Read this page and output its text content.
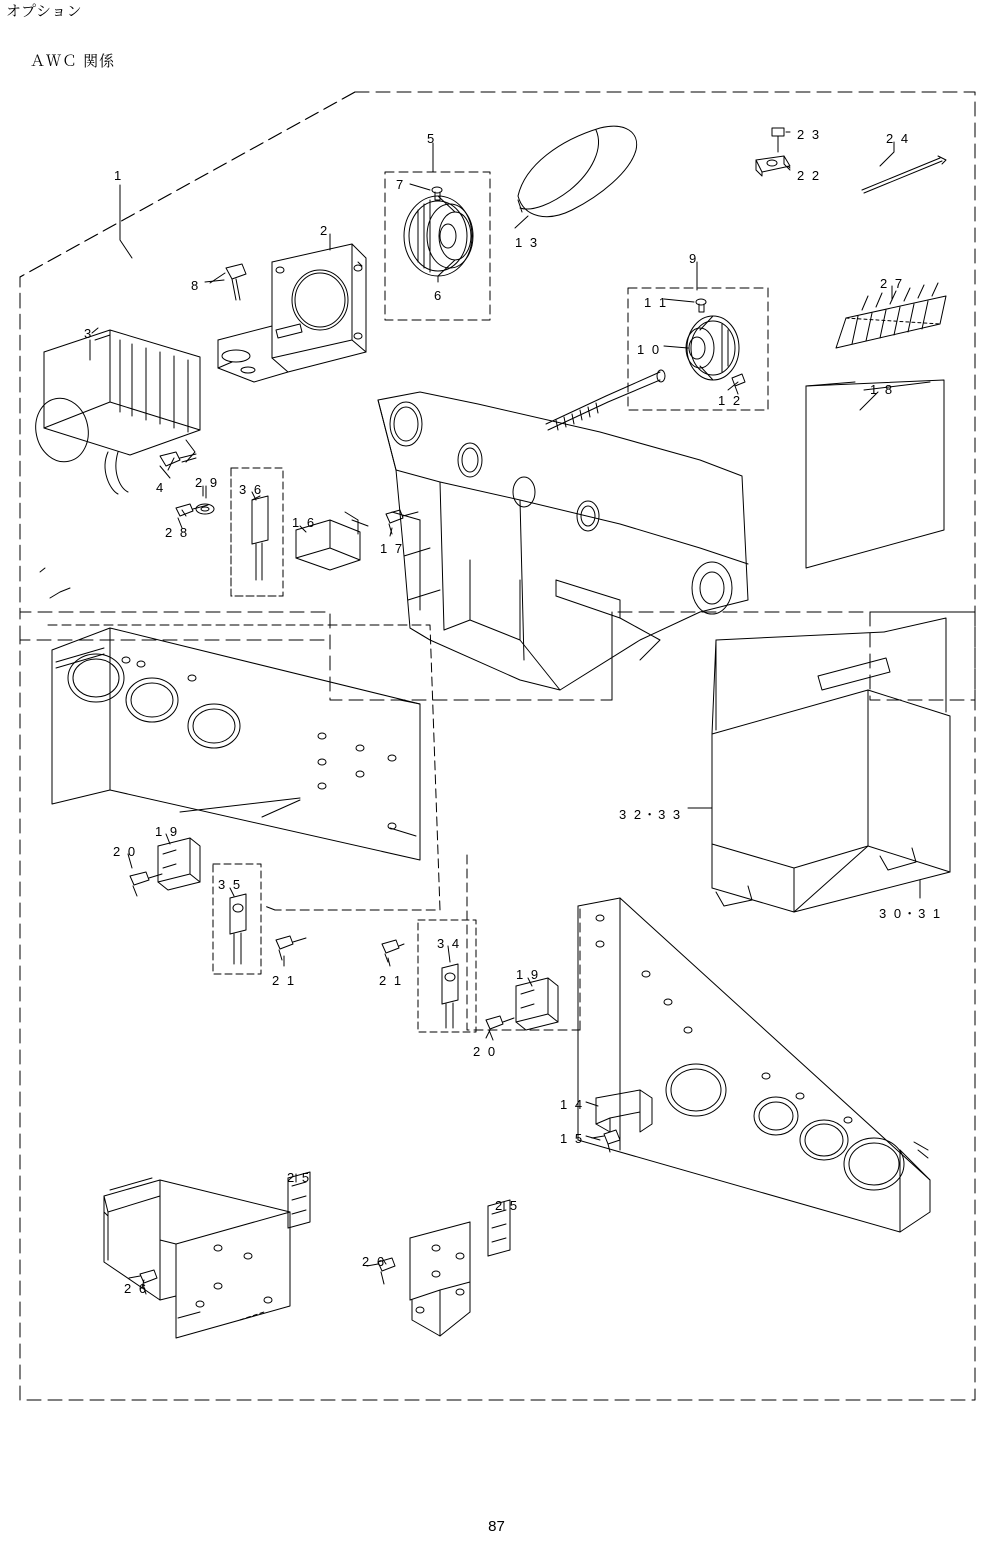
オプション
ＡＷＣ 関係
1
5
7
6
2
8
3
4
2 8
2 9 3 6
1 6
1 7
1 3
2 3
2 2
2 4
9
1 1
1 0
1 2
2 7
1 8
3 2・3 3
3 0・3 1
1 9
2 0
3 5
2 1	2 1
3 4
1 9
2 0
1 4
1 5
2 5
2 5
2 6
2 6
87
